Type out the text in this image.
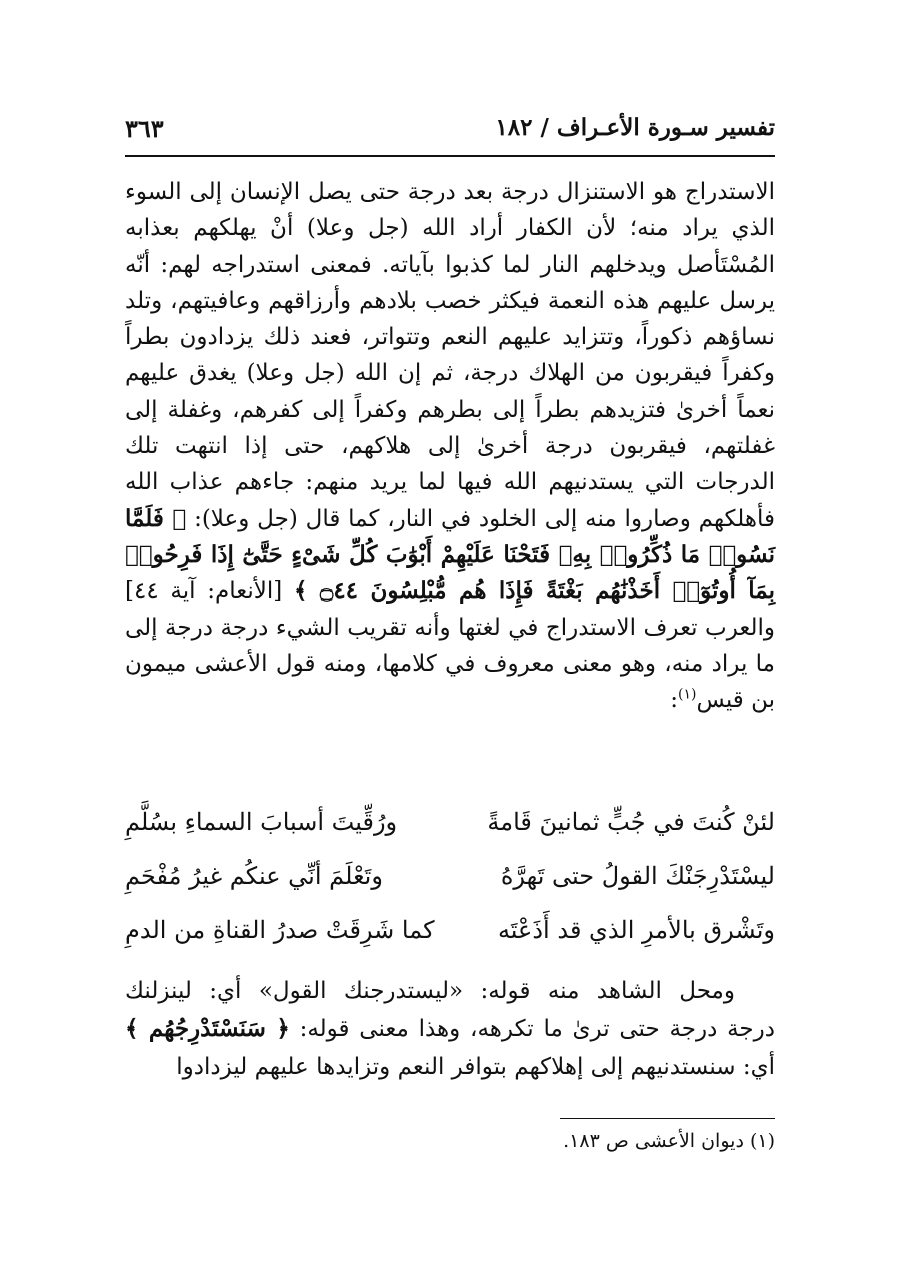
تفسير سـورة الأعـراف / ١٨٢
٣٦٣

الاستدراج هو الاستنزال درجة بعد درجة حتى يصل الإنسان إلى السوء الذي يراد منه؛ لأن الكفار أراد الله (جل وعلا) أنْ يهلكهم بعذابه المُسْتَأصل ويدخلهم النار لما كذبوا بآياته. فمعنى استدراجه لهم: أنّه يرسل عليهم هذه النعمة فيكثر خصب بلادهم وأرزاقهم وعافيتهم، وتلد نساؤهم ذكوراً، وتتزايد عليهم النعم وتتواتر، فعند ذلك يزدادون بطراً وكفراً فيقربون من الهلاك درجة، ثم إن الله (جل وعلا) يغدق عليهم نعماً أخرىٰ فتزيدهم بطراً إلى بطرهم وكفراً إلى كفرهم، وغفلة إلى غفلتهم، فيقربون درجة أخرىٰ إلى هلاكهم، حتى إذا انتهت تلك الدرجات التي يستدنيهم الله فيها لما يريد منهم: جاءهم عذاب الله فأهلكهم وصاروا منه إلى الخلود في النار، كما قال (جل وعلا): ﴿ فَلَمَّا نَسُوا۟ مَا ذُكِّرُوا۟ بِهِۦ فَتَحْنَا عَلَيْهِمْ أَبْوَٰبَ كُلِّ شَىْءٍ حَتَّىٰٓ إِذَا فَرِحُوا۟ بِمَآ أُوتُوٓا۟ أَخَذْنَٰهُم بَغْتَةً فَإِذَا هُم مُّبْلِسُونَ ۝٤٤ ﴾ [الأنعام: آية ٤٤] والعرب تعرف الاستدراج في لغتها وأنه تقريب الشيء درجة درجة إلى ما يراد منه، وهو معنى معروف في كلامها، ومنه قول الأعشى ميمون بن قيس$^{(١)}$:

لئنْ كُنتَ في جُبٍّ ثمانينَ قَامةً
ورُقِّيتَ أسبابَ السماءِ بسُلَّمِ
ليسْتَدْرِجَنْكَ القولُ حتى تَهرَّهُ
وتَعْلَمَ أنِّي عنكُم غيرُ مُفْحَمِ
وتَشْرق بالأمرِ الذي قد أَذَعْتَه
كما شَرِقَتْ صدرُ القناةِ من الدمِ

ومحل الشاهد منه قوله: «ليستدرجنك القول» أي: لينزلنك

درجة درجة حتى ترىٰ ما تكرهه، وهذا معنى قوله: ﴿ سَنَسْتَدْرِجُهُم ﴾

أي: سنستدنيهم إلى إهلاكهم بتوافر النعم وتزايدها عليهم ليزدادوا

(١) ديوان الأعشى ص ١٨٣.
